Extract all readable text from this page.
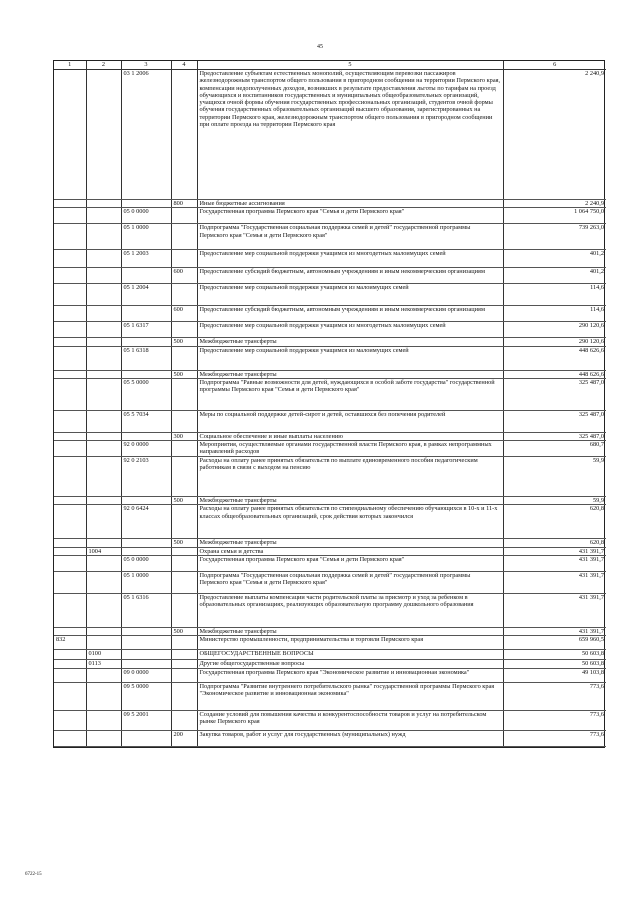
45
1	2	3	4	5	6
		03 1 2006		Предоставление субъектам естественных монополий, осуществляющим перевозки пассажиров железнодорожным транспортом общего пользования в пригородном сообщении на территории Пермского края, компенсации недополученных доходов, возникших в результате предоставления льготы по тарифам на проезд обучающихся и воспитанников государственных и муниципальных общеобразовательных организаций, учащихся очной формы обучения государственных профессиональных организаций, студентов очной формы обучения государственных образовательных организаций высшего образования, зарегистрированных на территории Пермского края, железнодорожным транспортом общего пользования в пригородном сообщении при оплате проезда на территории Пермского края	2 240,9
			800	Иные бюджетные ассигнования	2 240,9
		05 0 0000		Государственная программа Пермского края "Семья и дети Пермского края"	1 064 750,0
		05 1 0000		Подпрограмма "Государственная социальная поддержка семей и детей" государственной программы Пермского края "Семья и дети Пермского края"	739 263,0
		05 1 2003		Предоставление мер социальной поддержки учащимся из многодетных малоимущих семей	401,2
			600	Предоставление субсидий бюджетным, автономным учреждениям и иным некоммерческим организациям	401,2
		05 1 2004		Предоставление мер социальной поддержки учащимся из малоимущих семей	114,6
			600	Предоставление субсидий бюджетным, автономным учреждениям и иным некоммерческим организациям	114,6
		05 1 6317		Предоставление мер социальной поддержки учащимся из многодетных малоимущих семей	290 120,6
			500	Межбюджетные трансферты	290 120,6
		05 1 6318		Предоставление мер социальной поддержки учащимся из малоимущих семей	448 626,6
			500	Межбюджетные трансферты	448 626,6
		05 5 0000		Подпрограмма "Равные возможности для детей, нуждающихся в особой заботе государства" государственной программы Пермского края "Семья и дети Пермского края"	325 487,0
		05 5 7034		Меры по социальной поддержке детей-сирот и детей, оставшихся без попечения родителей	325 487,0
			300	Социальное обеспечение и иные выплаты населению	325 487,0
		92 0 0000		Мероприятия, осуществляемые органами государственной власти Пермского края, в рамках непрограммных направлений расходов	680,7
		92 0 2103		Расходы на оплату ранее принятых обязательств по выплате единовременного пособия педагогическим работникам в связи с выходом на пенсию	59,9
			500	Межбюджетные трансферты	59,9
		92 0 6424		Расходы на оплату ранее принятых обязательств по стипендиальному обеспечению обучающихся в 10-х и 11-х классах общеобразовательных организаций, срок действия которых закончился	620,8
			500	Межбюджетные трансферты	620,8
	1004			Охрана семьи и детства	431 391,7
		05 0 0000		Государственная программа Пермского края "Семья и дети Пермского края"	431 391,7
		05 1 0000		Подпрограмма "Государственная социальная поддержка семей и детей" государственной программы Пермского края "Семья и дети Пермского края"	431 391,7
		05 1 6316		Предоставление выплаты компенсации части родительской платы за присмотр и уход за ребенком в образовательных организациях, реализующих образовательную программу дошкольного образования	431 391,7
			500	Межбюджетные трансферты	431 391,7
832				Министерство промышленности, предпринимательства и торговли Пермского края	659 960,5
	0100			ОБЩЕГОСУДАРСТВЕННЫЕ ВОПРОСЫ	50 603,8
	0113			Другие общегосударственные вопросы	50 603,8
		09 0 0000		Государственная программа Пермского края "Экономическое развитие и инновационная экономика"	49 103,8
		09 5 0000		Подпрограмма "Развитие внутреннего потребительского рынка" государственной программы Пермского края "Экономическое развитие и инновационная экономика"	773,6
		09 5 2001		Создание условий для повышения качества и конкурентоспособности товаров и услуг на потребительском рынке Пермского края	773,6
			200	Закупка товаров, работ и услуг для государственных (муниципальных) нужд	773,6
6722-15
